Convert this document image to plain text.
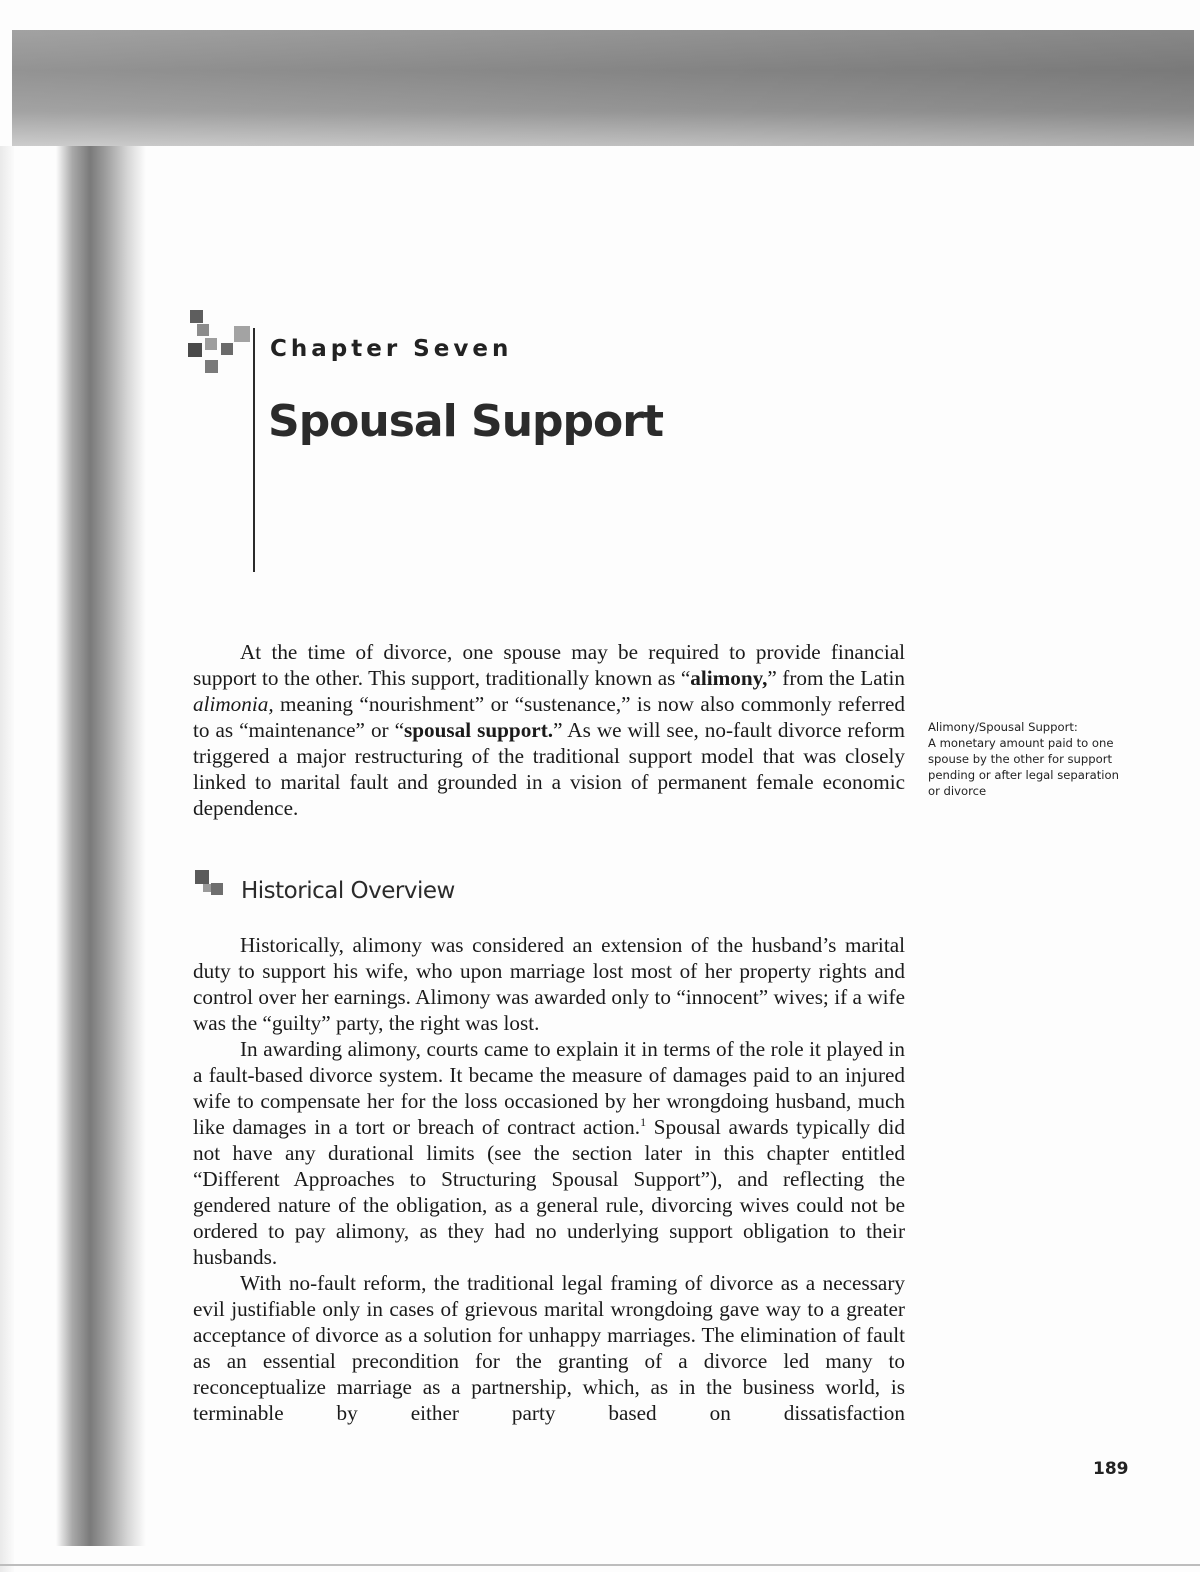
Chapter Seven
Spousal Support

At the time of divorce, one spouse may be required to provide financial support to the other. This support, traditionally known as “alimony,” from the Latin alimonia, meaning “nourishment” or “sustenance,” is now also commonly referred to as “maintenance” or “spousal support.” As we will see, no-fault divorce reform triggered a major restructuring of the traditional support model that was closely linked to marital fault and grounded in a vision of permanent female economic dependence.

Alimony/Spousal Support:
A monetary amount paid to one spouse by the other for support pending or after legal separation or divorce
Historical Overview

Historically, alimony was considered an extension of the husband’s marital duty to support his wife, who upon marriage lost most of her property rights and control over her earnings. Alimony was awarded only to “innocent” wives; if a wife was the “guilty” party, the right was lost.

In awarding alimony, courts came to explain it in terms of the role it played in a fault-based divorce system. It became the measure of damages paid to an injured wife to compensate her for the loss occasioned by her wrongdoing husband, much like damages in a tort or breach of contract action.$^1$ Spousal awards typically did not have any durational limits (see the section later in this chapter entitled “Different Approaches to Structuring Spousal Support”), and reflecting the gendered nature of the obligation, as a general rule, divorcing wives could not be ordered to pay alimony, as they had no underlying support obligation to their husbands.

With no-fault reform, the traditional legal framing of divorce as a necessary evil justifiable only in cases of grievous marital wrongdoing gave way to a greater acceptance of divorce as a solution for unhappy marriages. The elimination of fault as an essential precondition for the granting of a divorce led many to reconceptualize marriage as a partnership, which, as in the business world, is terminable by either party based on dissatisfaction

189
